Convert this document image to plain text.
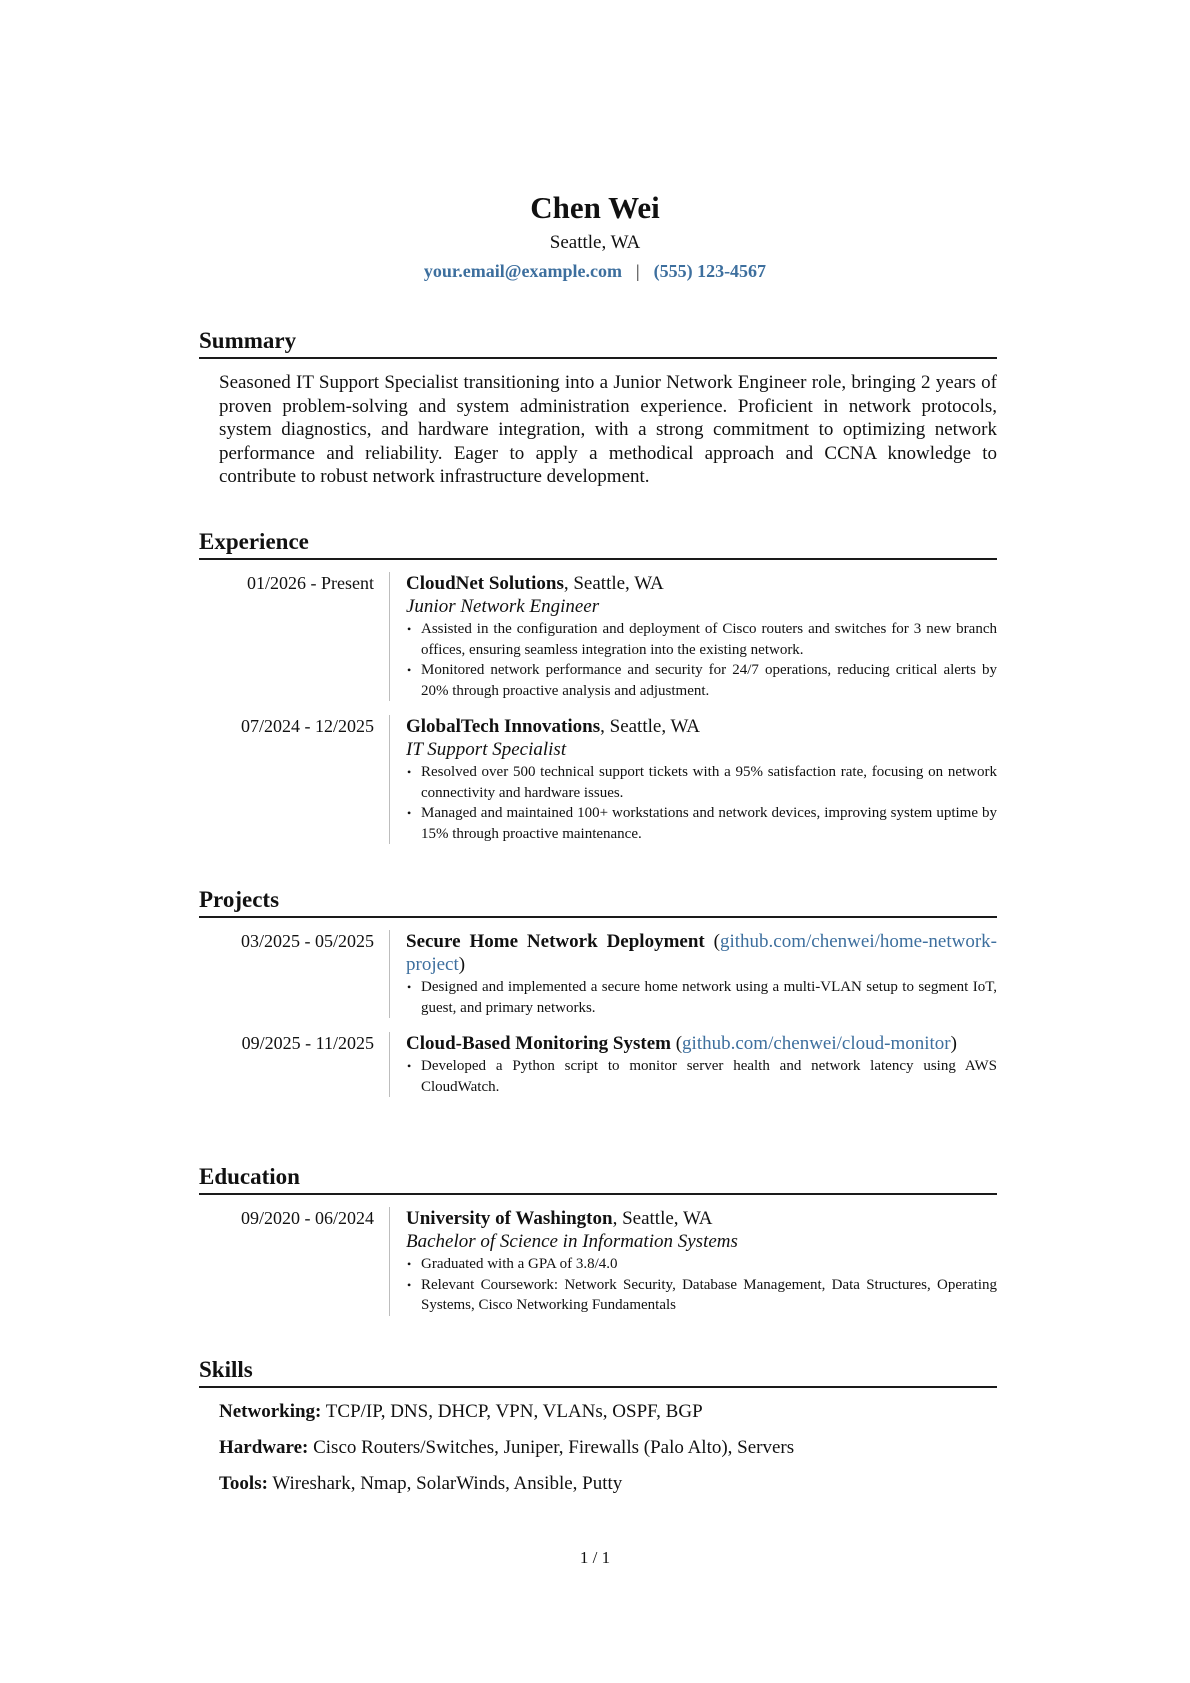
Chen Wei
Seattle, WA
your.email@example.com | (555) 123-4567
Summary
Seasoned IT Support Specialist transitioning into a Junior Network Engineer role, bringing 2 years of proven problem-solving and system administration experience. Proficient in network protocols, system diagnostics, and hardware integration, with a strong commitment to optimizing network performance and reliability. Eager to apply a methodical approach and CCNA knowledge to contribute to robust network infrastructure development.
Experience
01/2026 - Present CloudNet Solutions, Seattle, WA
Junior Network Engineer
• Assisted in the configuration and deployment of Cisco routers and switches for 3 new branch offices, ensuring seamless integration into the existing network.
• Monitored network performance and security for 24/7 operations, reducing critical alerts by 20% through proactive analysis and adjustment.
07/2024 - 12/2025 GlobalTech Innovations, Seattle, WA
IT Support Specialist
• Resolved over 500 technical support tickets with a 95% satisfaction rate, focusing on network connectivity and hardware issues.
• Managed and maintained 100+ workstations and network devices, improving system uptime by 15% through proactive maintenance.
Projects
03/2025 - 05/2025 Secure Home Network Deployment (github.com/chenwei/home-network-project)
• Designed and implemented a secure home network using a multi-VLAN setup to segment IoT, guest, and primary networks.
09/2025 - 11/2025 Cloud-Based Monitoring System (github.com/chenwei/cloud-monitor)
• Developed a Python script to monitor server health and network latency using AWS CloudWatch.
Education
09/2020 - 06/2024 University of Washington, Seattle, WA
Bachelor of Science in Information Systems
• Graduated with a GPA of 3.8/4.0
• Relevant Coursework: Network Security, Database Management, Data Structures, Operating Systems, Cisco Networking Fundamentals
Skills
Networking: TCP/IP, DNS, DHCP, VPN, VLANs, OSPF, BGP
Hardware: Cisco Routers/Switches, Juniper, Firewalls (Palo Alto), Servers
Tools: Wireshark, Nmap, SolarWinds, Ansible, Putty
1 / 1
